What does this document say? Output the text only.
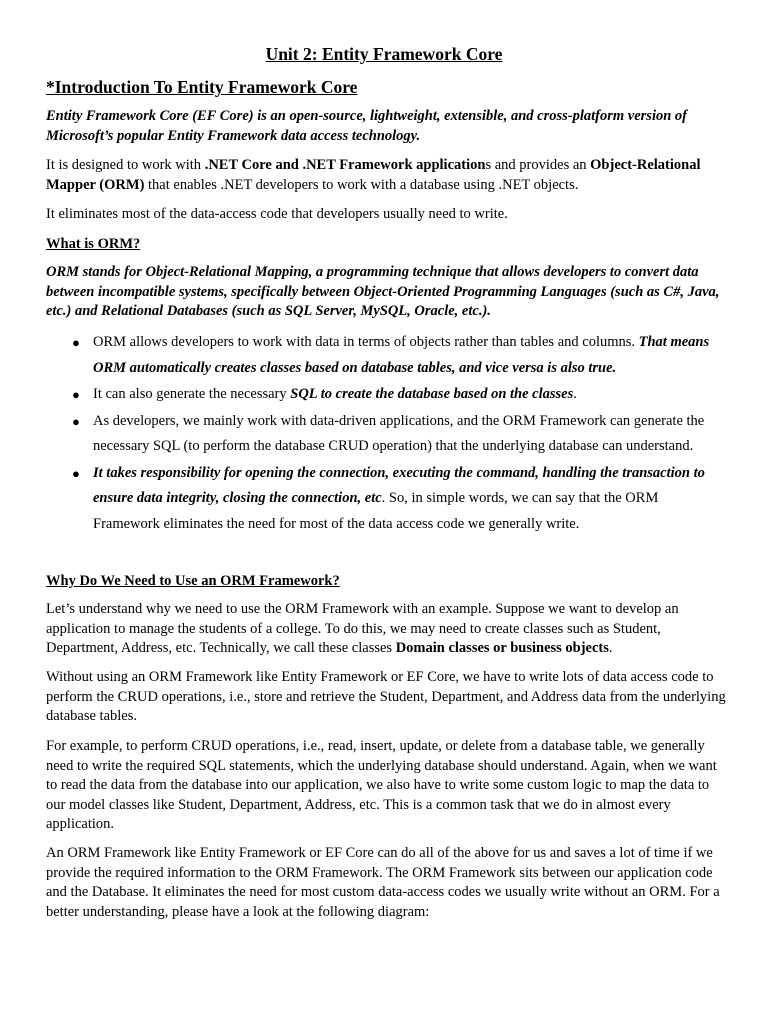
Unit 2: Entity Framework Core
*Introduction To Entity Framework Core

Entity Framework Core (EF Core) is an open-source, lightweight, extensible, and cross-platform version of Microsoft’s popular Entity Framework data access technology.

It is designed to work with .NET Core and .NET Framework applications and provides an Object-Relational Mapper (ORM) that enables .NET developers to work with a database using .NET objects.

It eliminates most of the data-access code that developers usually need to write.

What is ORM?

ORM stands for Object-Relational Mapping, a programming technique that allows developers to convert data between incompatible systems, specifically between Object-Oriented Programming Languages (such as C#, Java, etc.) and Relational Databases (such as SQL Server, MySQL, Oracle, etc.).

● ORM allows developers to work with data in terms of objects rather than tables and columns. That means ORM automatically creates classes based on database tables, and vice versa is also true.
● It can also generate the necessary SQL to create the database based on the classes.
● As developers, we mainly work with data-driven applications, and the ORM Framework can generate the necessary SQL (to perform the database CRUD operation) that the underlying database can understand.
● It takes responsibility for opening the connection, executing the command, handling the transaction to ensure data integrity, closing the connection, etc. So, in simple words, we can say that the ORM Framework eliminates the need for most of the data access code we generally write.
Why Do We Need to Use an ORM Framework?

Let’s understand why we need to use the ORM Framework with an example. Suppose we want to develop an application to manage the students of a college. To do this, we may need to create classes such as Student, Department, Address, etc. Technically, we call these classes Domain classes or business objects.

Without using an ORM Framework like Entity Framework or EF Core, we have to write lots of data access code to perform the CRUD operations, i.e., store and retrieve the Student, Department, and Address data from the underlying database tables.

For example, to perform CRUD operations, i.e., read, insert, update, or delete from a database table, we generally need to write the required SQL statements, which the underlying database should understand. Again, when we want to read the data from the database into our application, we also have to write some custom logic to map the data to our model classes like Student, Department, Address, etc. This is a common task that we do in almost every application.

An ORM Framework like Entity Framework or EF Core can do all of the above for us and saves a lot of time if we provide the required information to the ORM Framework. The ORM Framework sits between our application code and the Database. It eliminates the need for most custom data-access codes we usually write without an ORM. For a better understanding, please have a look at the following diagram:
